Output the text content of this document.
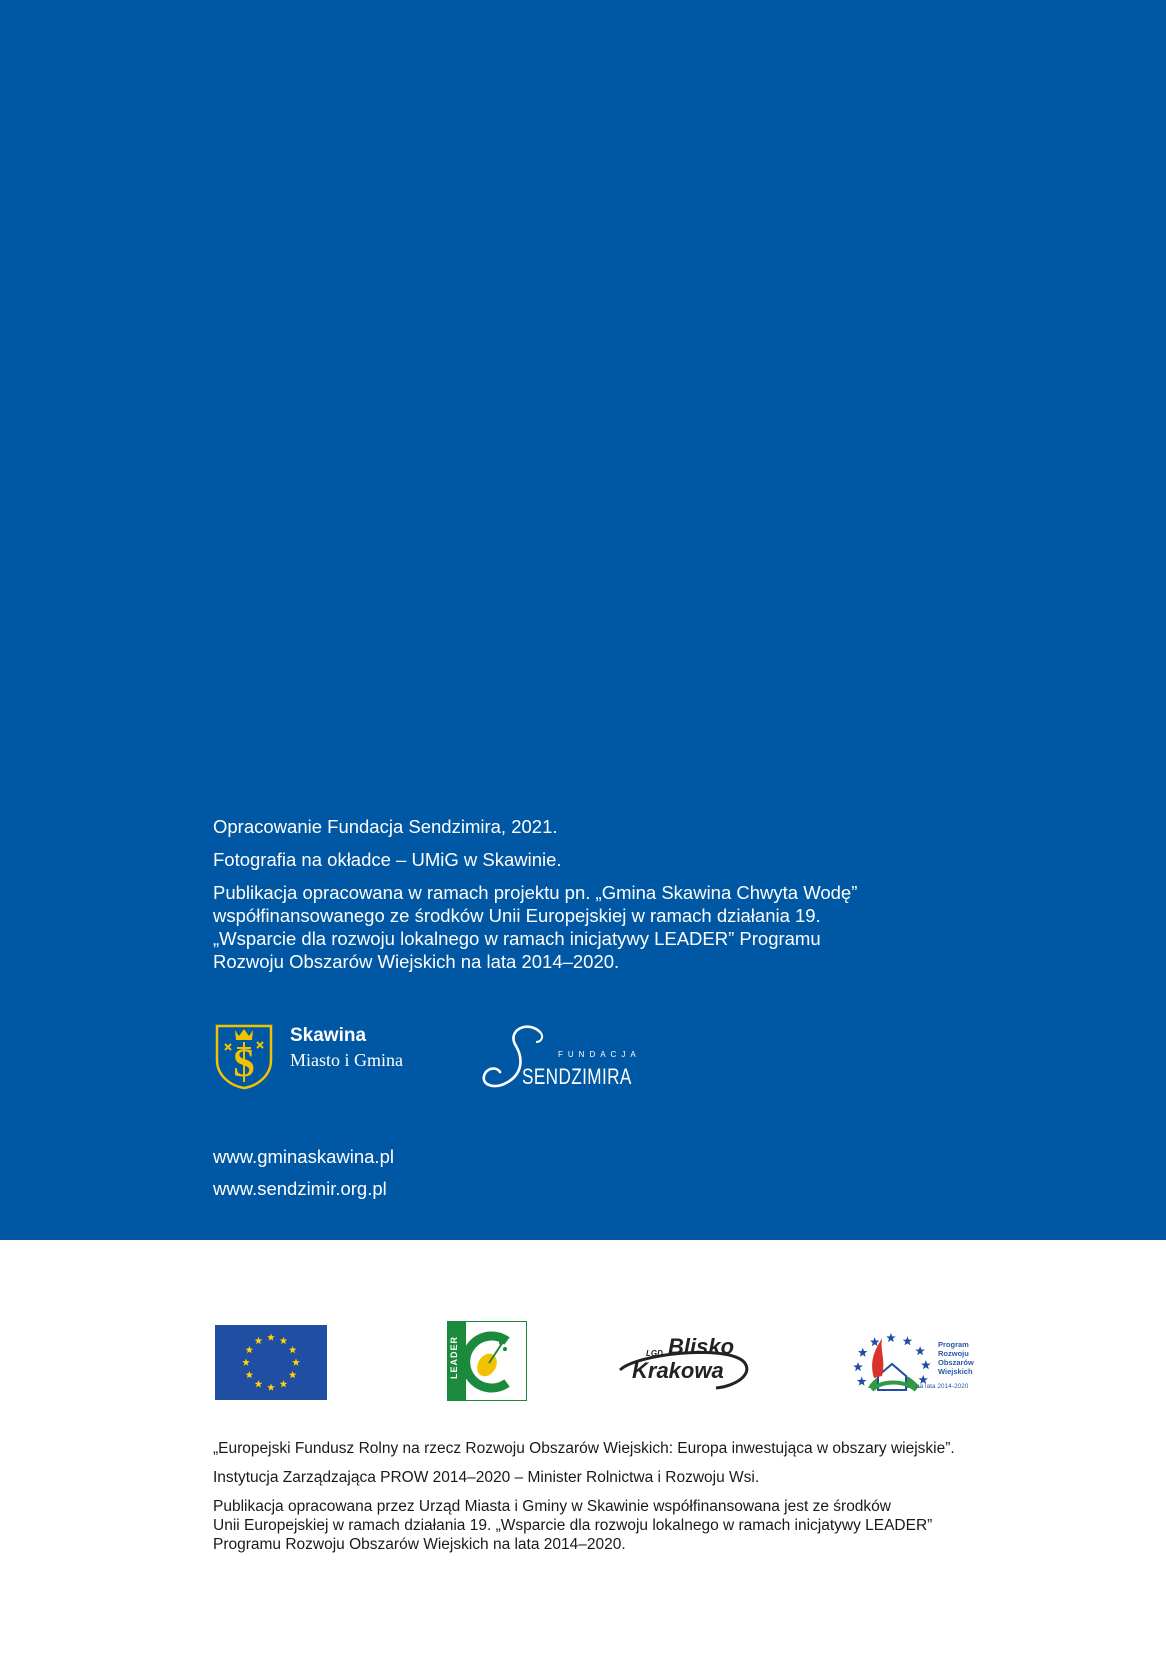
Opracowanie Fundacja Sendzimira, 2021.

Fotografia na okładce – UMiG w Skawinie.

Publikacja opracowana w ramach projektu pn. „Gmina Skawina Chwyta Wodę”
współfinansowanego ze środków Unii Europejskiej w ramach działania 19.
„Wsparcie dla rozwoju lokalnego w ramach inicjatywy LEADER” Programu
Rozwoju Obszarów Wiejskich na lata 2014–2020.

S
Skawina
Miasto i Gmina	FUNDACJA
SENDZIMIRA
www.gminaskawina.pl
www.sendzimir.org.pl
LEADER	LGD Blisko
Krakowa
Program
Rozwoju
Obszarów
Wiejskich
na lata 2014-2020

„Europejski Fundusz Rolny na rzecz Rozwoju Obszarów Wiejskich: Europa inwestująca w obszary wiejskie”.

Instytucja Zarządzająca PROW 2014–2020 – Minister Rolnictwa i Rozwoju Wsi.

Publikacja opracowana przez Urząd Miasta i Gminy w Skawinie współfinansowana jest ze środków
Unii Europejskiej w ramach działania 19. „Wsparcie dla rozwoju lokalnego w ramach inicjatywy LEADER”
Programu Rozwoju Obszarów Wiejskich na lata 2014–2020.
